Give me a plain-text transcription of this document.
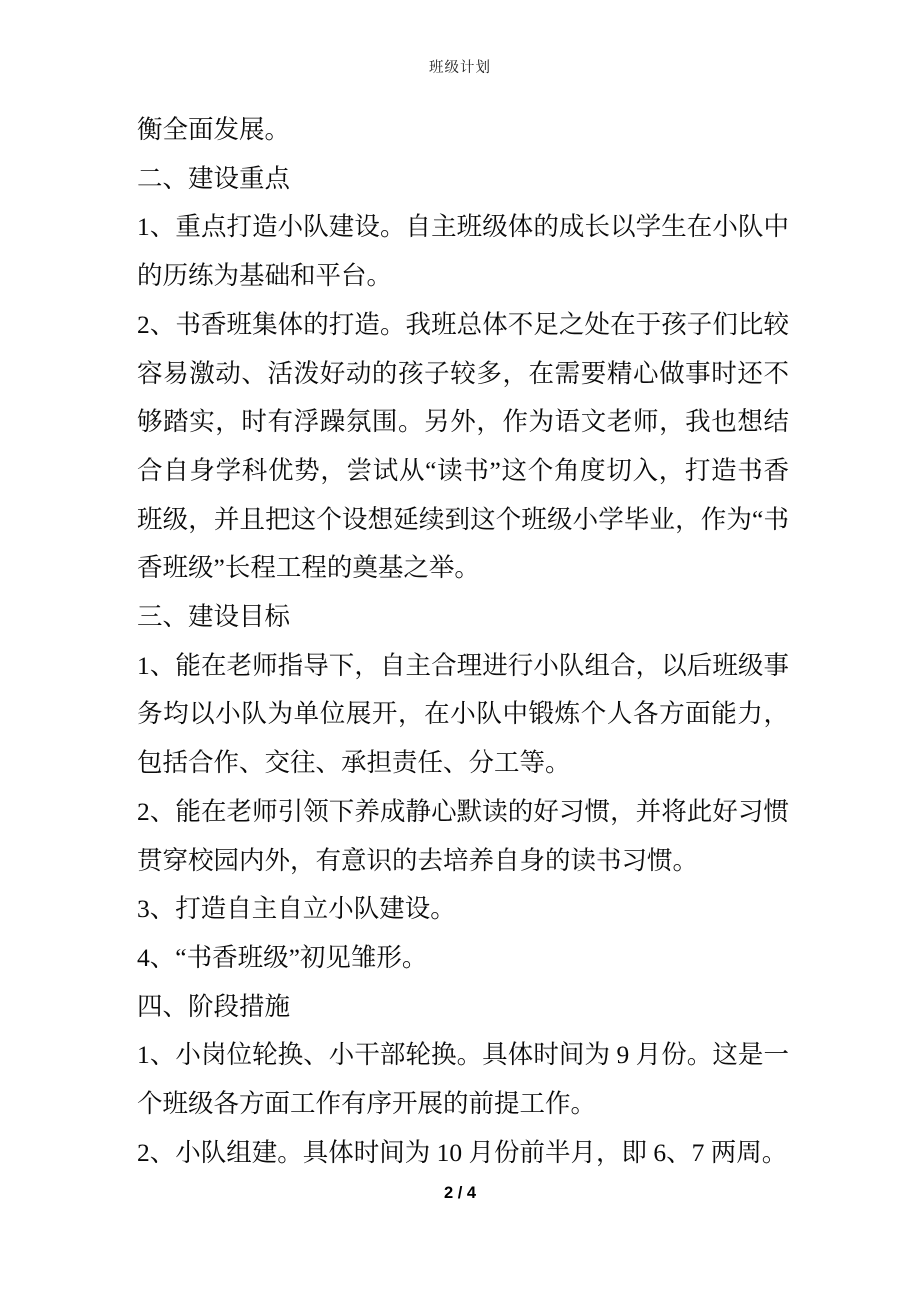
班级计划

衡全面发展。

二、建设重点

1、重点打造小队建设。自主班级体的成长以学生在小队中的历练为基础和平台。

2、书香班集体的打造。我班总体不足之处在于孩子们比较容易激动、活泼好动的孩子较多，在需要精心做事时还不够踏实，时有浮躁氛围。另外，作为语文老师，我也想结合自身学科优势，尝试从“读书”这个角度切入，打造书香班级，并且把这个设想延续到这个班级小学毕业，作为“书香班级”长程工程的奠基之举。

三、建设目标

1、能在老师指导下，自主合理进行小队组合，以后班级事务均以小队为单位展开，在小队中锻炼个人各方面能力，包括合作、交往、承担责任、分工等。

2、能在老师引领下养成静心默读的好习惯，并将此好习惯贯穿校园内外，有意识的去培养自身的读书习惯。

3、打造自主自立小队建设。

4、“书香班级”初见雏形。

四、阶段措施

1、小岗位轮换、小干部轮换。具体时间为 9 月份。这是一个班级各方面工作有序开展的前提工作。

2、小队组建。具体时间为 10 月份前半月，即 6、7 两周。

2 / 4
